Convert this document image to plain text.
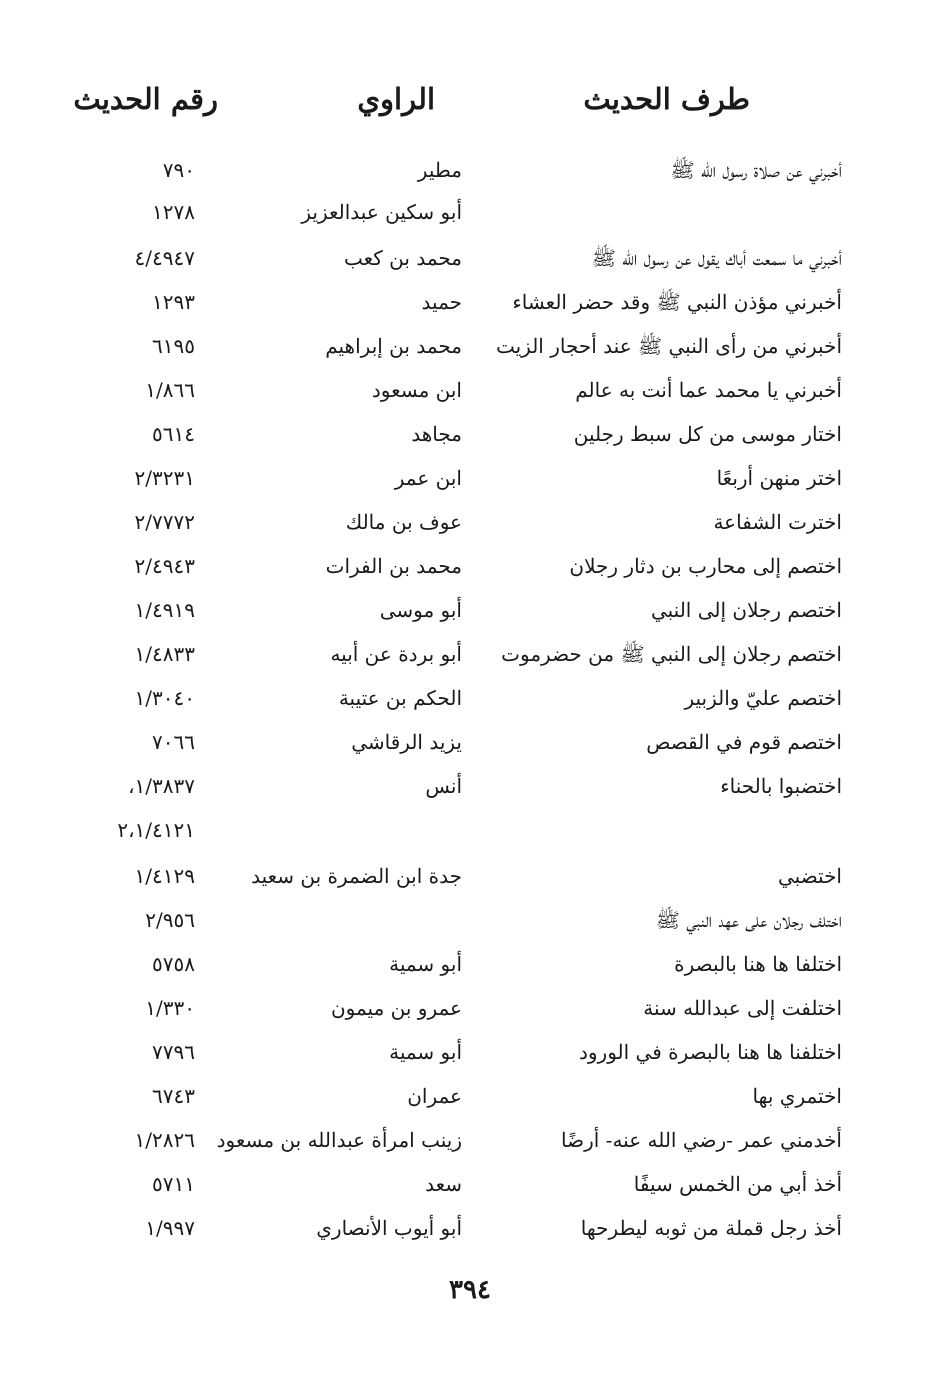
طرف الحديث
الراوي
رقم الحديث
أخبرني عن صلاة رسول الله ﷺ
مطير
٧٩٠
أبو سكين عبدالعزيز
١٢٧٨
أخبرني ما سمعت أباك يقول عن رسول الله ﷺ
محمد بن كعب
٤/٤٩٤٧
أخبرني مؤذن النبي ﷺ وقد حضر العشاء
حميد
١٢٩٣
أخبرني من رأى النبي ﷺ عند أحجار الزيت
محمد بن إبراهيم
٦١٩٥
أخبرني يا محمد عما أنت به عالم
ابن مسعود
١/٨٦٦
اختار موسى من كل سبط رجلين
مجاهد
٥٦١٤
اختر منهن أربعًا
ابن عمر
٢/٣٢٣١
اخترت الشفاعة
عوف بن مالك
٢/٧٧٧٢
اختصم إلى محارب بن دثار رجلان
محمد بن الفرات
٢/٤٩٤٣
اختصم رجلان إلى النبي
أبو موسى
١/٤٩١٩
اختصم رجلان إلى النبي ﷺ من حضرموت
أبو بردة عن أبيه
١/٤٨٣٣
اختصم عليّ والزبير
الحكم بن عتيبة
١/٣٠٤٠
اختصم قوم في القصص
يزيد الرقاشي
٧٠٦٦
اختضبوا بالحناء
أنس
١/٣٨٣٧،
٢،١/٤١٢١
اختضبي
جدة ابن الضمرة بن سعيد
١/٤١٢٩
اختلف رجلان على عهد النبي ﷺ
٢/٩٥٦
اختلفا ها هنا بالبصرة
أبو سمية
٥٧٥٨
اختلفت إلى عبدالله سنة
عمرو بن ميمون
١/٣٣٠
اختلفنا ها هنا بالبصرة في الورود
أبو سمية
٧٧٩٦
اختمري بها
عمران
٦٧٤٣
أخدمني عمر -رضي الله عنه- أرضًا
زينب امرأة عبدالله بن مسعود
١/٢٨٢٦
أخذ أبي من الخمس سيفًا
سعد
٥٧١١
أخذ رجل قملة من ثوبه ليطرحها
أبو أيوب الأنصاري
١/٩٩٧
٣٩٤
